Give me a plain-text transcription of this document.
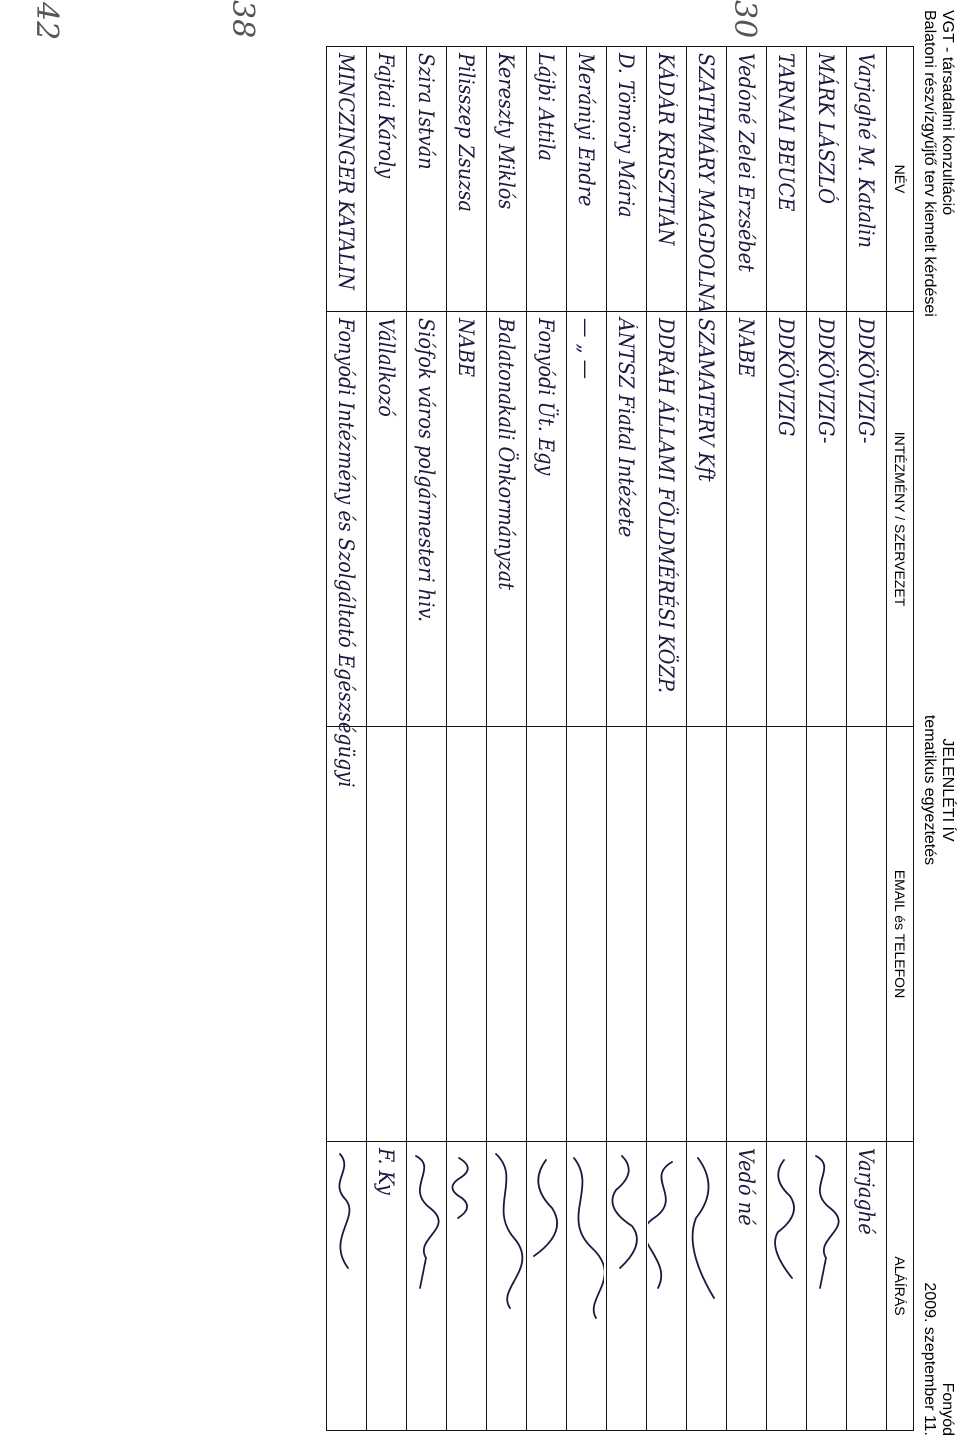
VGT - társadalmi konzultáció
Balatoni részvízgyűjtő terv kiemelt kérdései
JELENLÉTI ÍV
tematikus egyeztetés
Fonyód
2009. szeptember 11.
30
38
42
NÉV	INTÉZMÉNY / SZERVEZET	EMAIL és TELEFON	ALÁÍRÁS

Varjaghé M. Katalin	DDKÖVIZIG-		Varjaghé

MÁRK LÁSZLÓ	DDKÖVIZIG-

TARNAI BEUCE	DDKÖVIZIG

Vedóné Zelei Erzsébet	NABE		Vedó né

SZATHMÁRY MAGDOLNA	SZAMATERV Kft

KÁDÁR KRISZTIÁN	DDRÁH ÁLLAMI FÖLDMÉRÉSI KÖZP.

D. Tömöry Mária	ÁNTSZ Fiatal Intézete

Merániyi Endre	— „ —

Lájbi Attila	Fonyódi Üt. Egy

Kereszty Miklós	Balatonakali Önkormányzat

Pilisszep Zsuzsa	NABE

Szira István	Siófok város polgármesteri hiv.

Fajtai Károly	Vállalkozó		F. Ky

MINCZINGER KATALIN	Fonyódi Intézmény és Szolgáltató Egészségügyi
